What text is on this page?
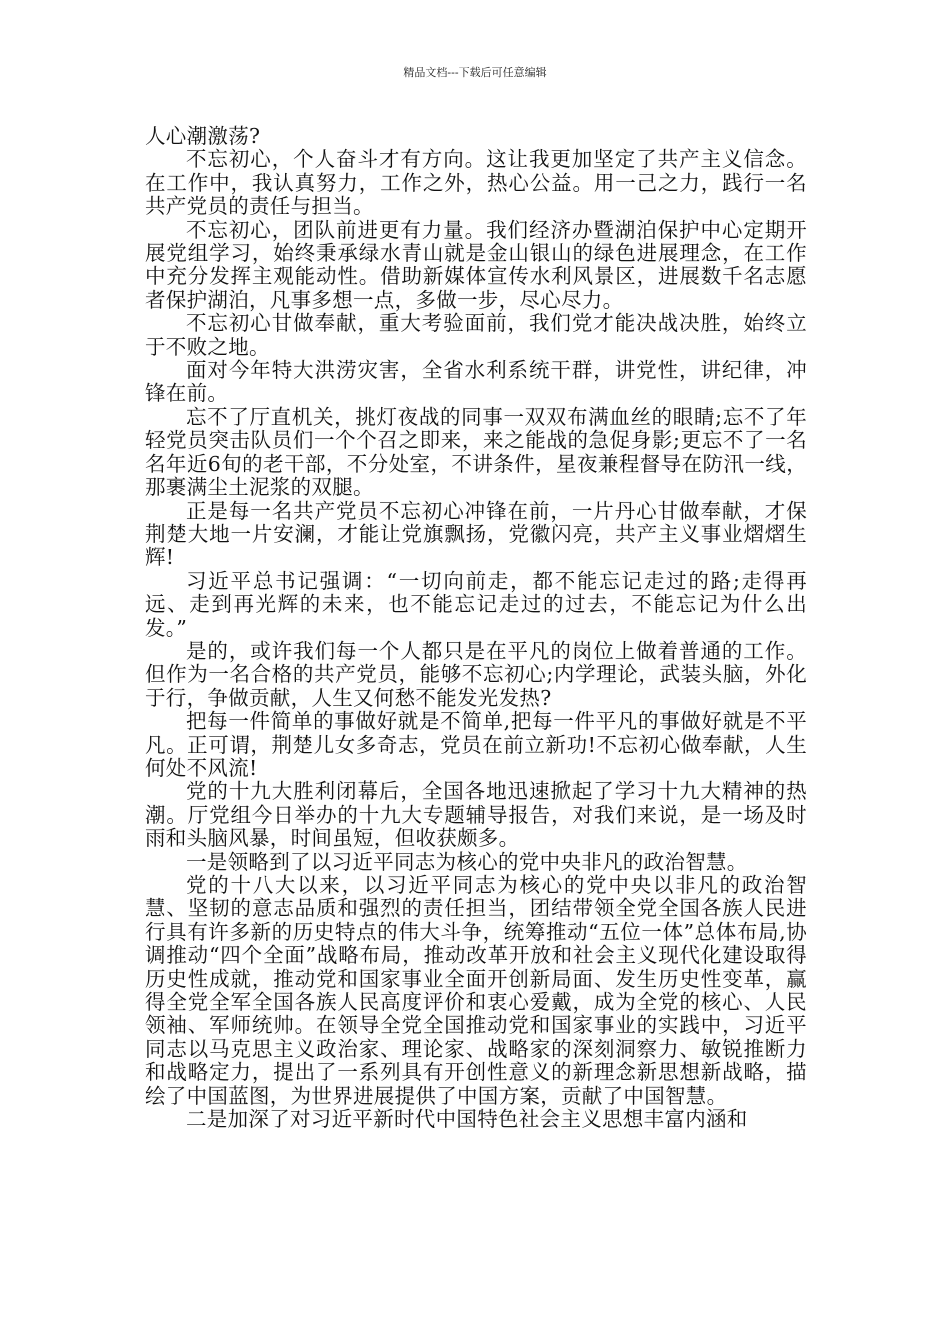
精品文档---下载后可任意编辑

人心潮激荡?

不忘初心，个人奋斗才有方向。这让我更加坚定了共产主义信念。在工作中，我认真努力，工作之外，热心公益。用一己之力，践行一名共产党员的责任与担当。

不忘初心，团队前进更有力量。我们经济办暨湖泊保护中心定期开展党组学习，始终秉承绿水青山就是金山银山的绿色进展理念，在工作中充分发挥主观能动性。借助新媒体宣传水利风景区，进展数千名志愿者保护湖泊，凡事多想一点，多做一步，尽心尽力。

不忘初心甘做奉献，重大考验面前，我们党才能决战决胜，始终立于不败之地。

面对今年特大洪涝灾害，全省水利系统干群，讲党性，讲纪律，冲锋在前。

忘不了厅直机关，挑灯夜战的同事一双双布满血丝的眼睛;忘不了年轻党员突击队员们一个个召之即来，来之能战的急促身影;更忘不了一名名年近6旬的老干部，不分处室，不讲条件，星夜兼程督导在防汛一线，那裹满尘土泥浆的双腿。

正是每一名共产党员不忘初心冲锋在前，一片丹心甘做奉献，才保荆楚大地一片安澜，才能让党旗飘扬，党徽闪亮，共产主义事业熠熠生辉!

习近平总书记强调：“一切向前走，都不能忘记走过的路;走得再远、走到再光辉的未来，也不能忘记走过的过去，不能忘记为什么出发。”

是的，或许我们每一个人都只是在平凡的岗位上做着普通的工作。但作为一名合格的共产党员，能够不忘初心;内学理论，武装头脑，外化于行，争做贡献，人生又何愁不能发光发热?

把每一件简单的事做好就是不简单,把每一件平凡的事做好就是不平凡。正可谓，荆楚儿女多奇志，党员在前立新功!不忘初心做奉献，人生何处不风流!

党的十九大胜利闭幕后，全国各地迅速掀起了学习十九大精神的热潮。厅党组今日举办的十九大专题辅导报告，对我们来说，是一场及时雨和头脑风暴，时间虽短，但收获颇多。

一是领略到了以习近平同志为核心的党中央非凡的政治智慧。

党的十八大以来，以习近平同志为核心的党中央以非凡的政治智慧、坚韧的意志品质和强烈的责任担当，团结带领全党全国各族人民进行具有许多新的历史特点的伟大斗争，统筹推动“五位一体”总体布局,协调推动“四个全面”战略布局，推动改革开放和社会主义现代化建设取得历史性成就，推动党和国家事业全面开创新局面、发生历史性变革，赢得全党全军全国各族人民高度评价和衷心爱戴，成为全党的核心、人民领袖、军师统帅。在领导全党全国推动党和国家事业的实践中，习近平同志以马克思主义政治家、理论家、战略家的深刻洞察力、敏锐推断力和战略定力，提出了一系列具有开创性意义的新理念新思想新战略，描绘了中国蓝图，为世界进展提供了中国方案，贡献了中国智慧。

二是加深了对习近平新时代中国特色社会主义思想丰富内涵和
